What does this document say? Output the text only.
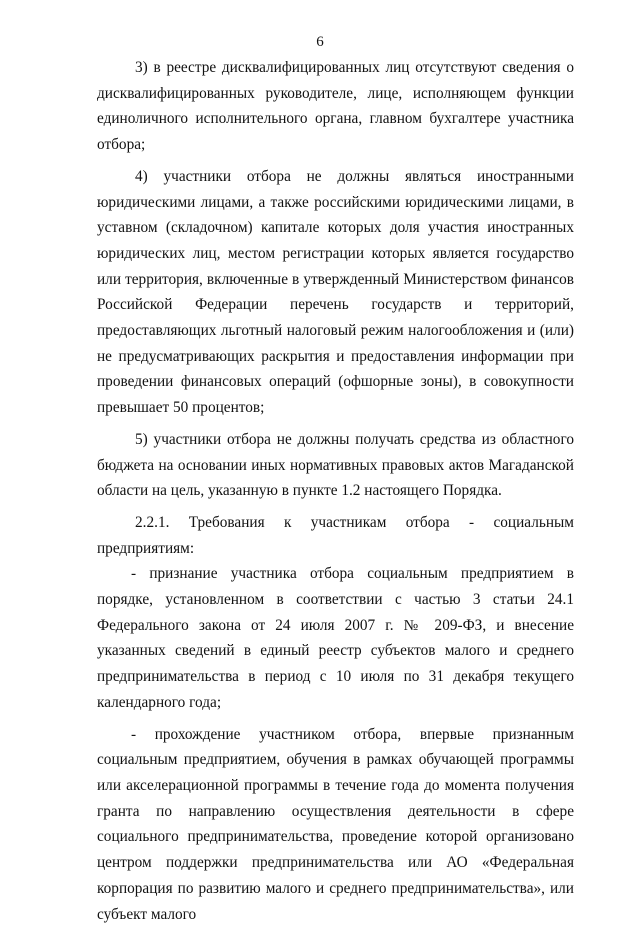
6

3) в реестре дисквалифицированных лиц отсутствуют сведения о дисквалифицированных руководителе, лице, исполняющем функции единоличного исполнительного органа, главном бухгалтере участника отбора;

4) участники отбора не должны являться иностранными юридическими лицами, а также российскими юридическими лицами, в уставном (складочном) капитале которых доля участия иностранных юридических лиц, местом регистрации которых является государство или территория, включенные в утвержденный Министерством финансов Российской Федерации перечень государств и территорий, предоставляющих льготный налоговый режим налогообложения и (или) не предусматривающих раскрытия и предоставления информации при проведении финансовых операций (офшорные зоны), в совокупности превышает 50 процентов;

5) участники отбора не должны получать средства из областного бюджета на основании иных нормативных правовых актов Магаданской области на цель, указанную в пункте 1.2 настоящего Порядка.

2.2.1. Требования к участникам отбора - социальным предприятиям:

- признание участника отбора социальным предприятием в порядке, установленном в соответствии с частью 3 статьи 24.1 Федерального закона от 24 июля 2007 г. № 209-ФЗ, и внесение указанных сведений в единый реестр субъектов малого и среднего предпринимательства в период с 10 июля по 31 декабря текущего календарного года;

- прохождение участником отбора, впервые признанным социальным предприятием, обучения в рамках обучающей программы или акселерационной программы в течение года до момента получения гранта по направлению осуществления деятельности в сфере социального предпринимательства, проведение которой организовано центром поддержки предпринимательства или АО «Федеральная корпорация по развитию малого и среднего предпринимательства», или субъект малого
